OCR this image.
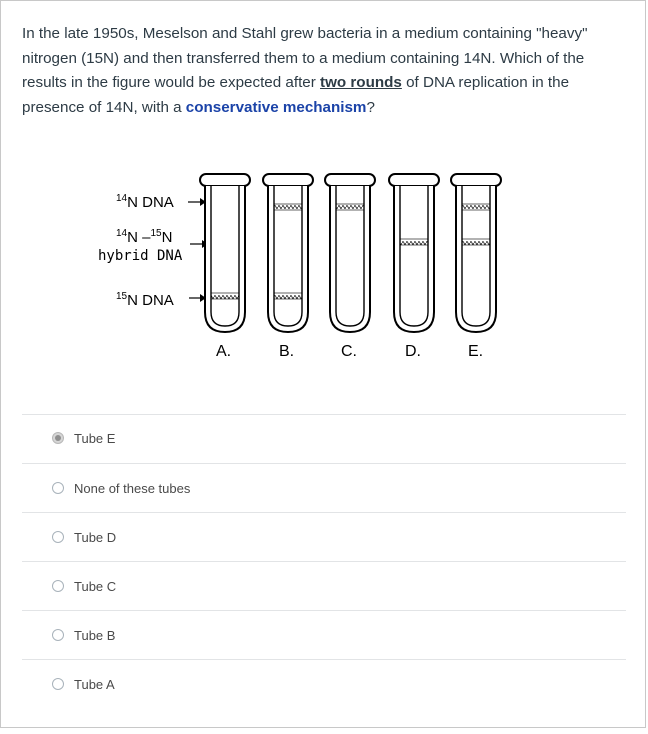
In the late 1950s, Meselson and Stahl grew bacteria in a medium containing "heavy" nitrogen (15N) and then transferred them to a medium containing 14N. Which of the results in the figure would be expected after two rounds of DNA replication in the presence of 14N, with a conservative mechanism?
$^{14}$N DNA
$^{14}$N –$^{15}$N
hybrid DNA
$^{15}$N DNA
A.	B.	C.	D.	E.
Tube E
None of these tubes
Tube D
Tube C
Tube B
Tube A
